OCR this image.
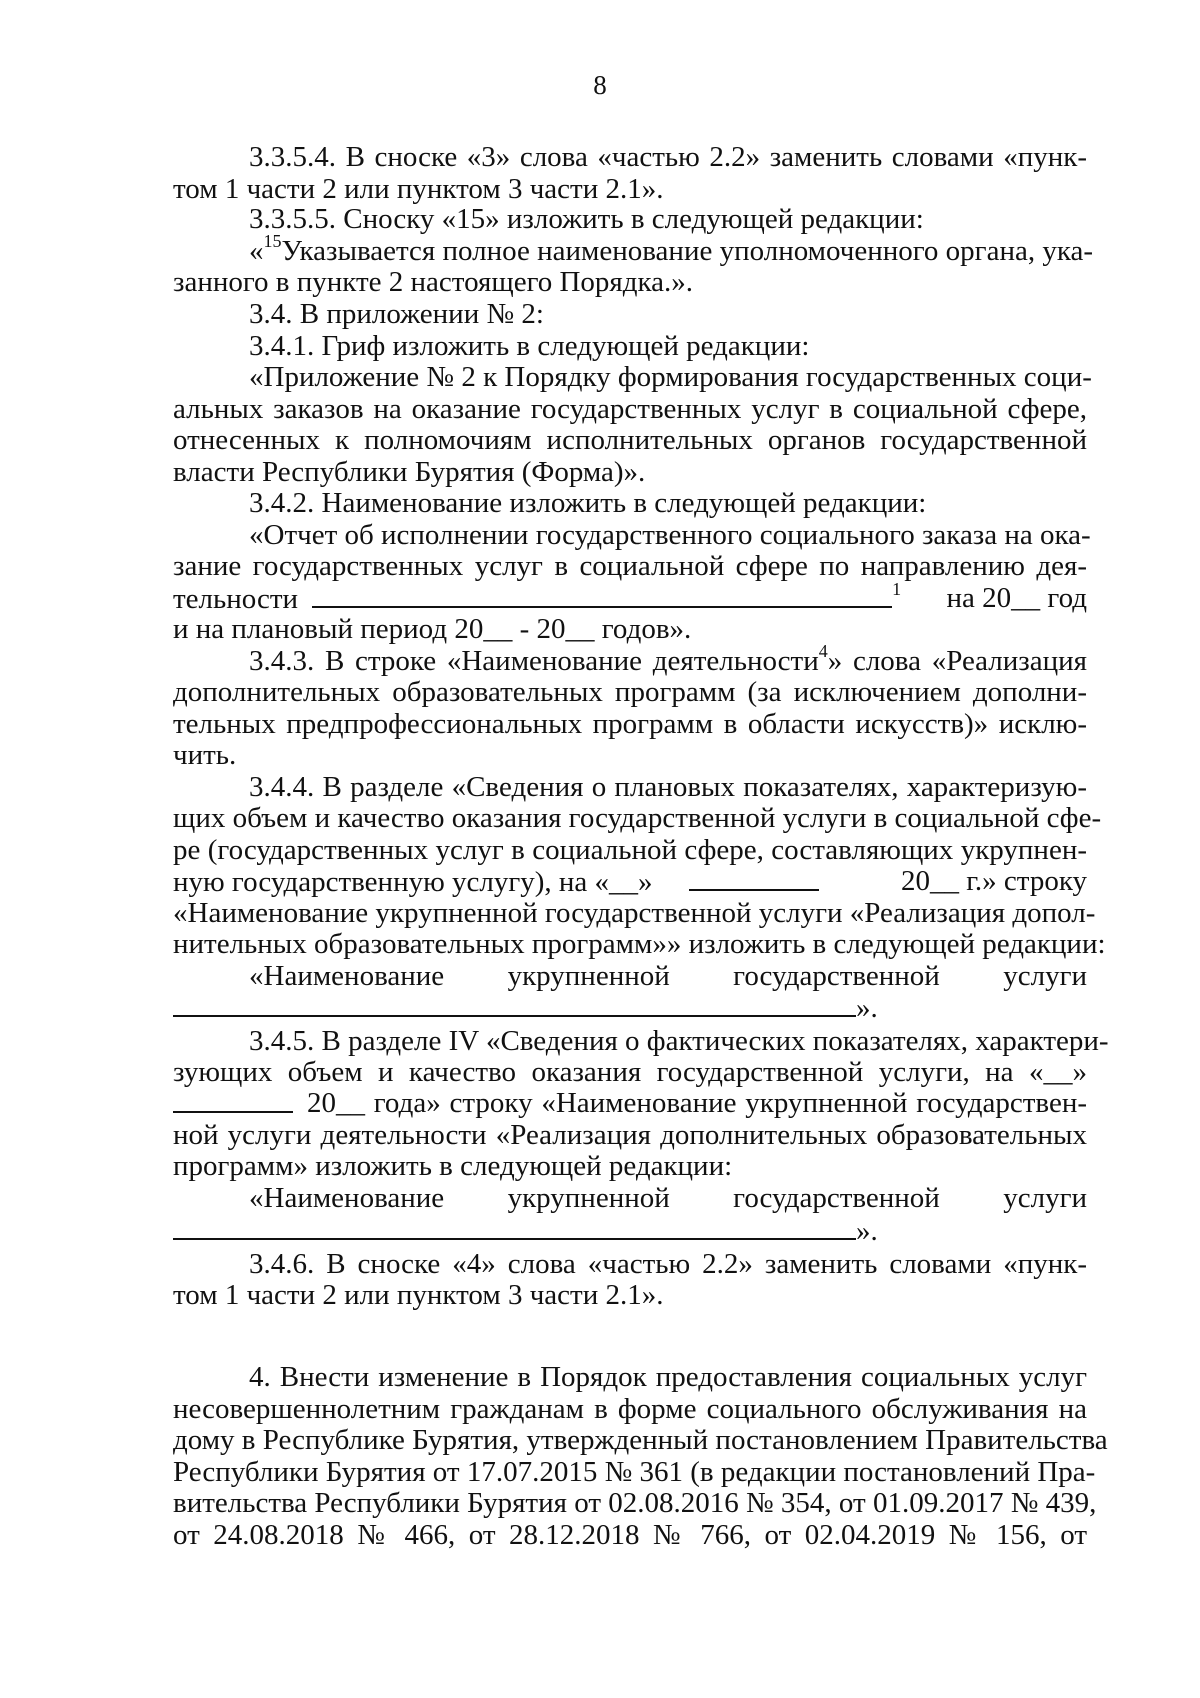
8
3.3.5.4. В сноске «3» слова «частью 2.2» заменить словами «пунк-
том 1 части 2 или пунктом 3 части 2.1».
3.3.5.5. Сноску «15» изложить в следующей редакции:
«$^{15}$Указывается полное наименование уполномоченного органа, ука-
занного в пункте 2 настоящего Порядка.».
3.4. В приложении № 2:
3.4.1. Гриф изложить в следующей редакции:
«Приложение № 2 к Порядку формирования государственных соци-
альных заказов на оказание государственных услуг в социальной сфере,
отнесенных к полномочиям исполнительных органов государственной
власти Республики Бурятия (Форма)».
3.4.2. Наименование изложить в следующей редакции:
«Отчет об исполнении государственного социального заказа на ока-
зание государственных услуг в социальной сфере по направлению дея-
тельности	$^1$ на 20__ год
и на плановый период 20__ - 20__ годов».
3.4.3. В строке «Наименование деятельности$^4$» слова «Реализация
дополнительных образовательных программ (за исключением дополни-
тельных предпрофессиональных программ в области искусств)» исклю-
чить.
3.4.4. В разделе «Сведения о плановых показателях, характеризую-
щих объем и качество оказания государственной услуги в социальной сфе-
ре (государственных услуг в социальной сфере, составляющих укрупнен-
ную государственную услугу), на «__»	20__ г.» строку
«Наименование укрупненной государственной услуги «Реализация допол-
нительных образовательных программ»» изложить в следующей редакции:
«Наименование укрупненной государственной услуги
».
3.4.5. В разделе IV «Сведения о фактических показателях, характери-
зующих объем и качество оказания государственной услуги, на «__»
20__ года» строку «Наименование укрупненной государствен-
ной услуги деятельности «Реализация дополнительных образовательных
программ» изложить в следующей редакции:
«Наименование укрупненной государственной услуги
».
3.4.6. В сноске «4» слова «частью 2.2» заменить словами «пунк-
том 1 части 2 или пунктом 3 части 2.1».
4. Внести изменение в Порядок предоставления социальных услуг
несовершеннолетним гражданам в форме социального обслуживания на
дому в Республике Бурятия, утвержденный постановлением Правительства
Республики Бурятия от 17.07.2015 № 361 (в редакции постановлений Пра-
вительства Республики Бурятия от 02.08.2016 № 354, от 01.09.2017 № 439,
от 24.08.2018 № 466, от 28.12.2018 № 766, от 02.04.2019 № 156, от
